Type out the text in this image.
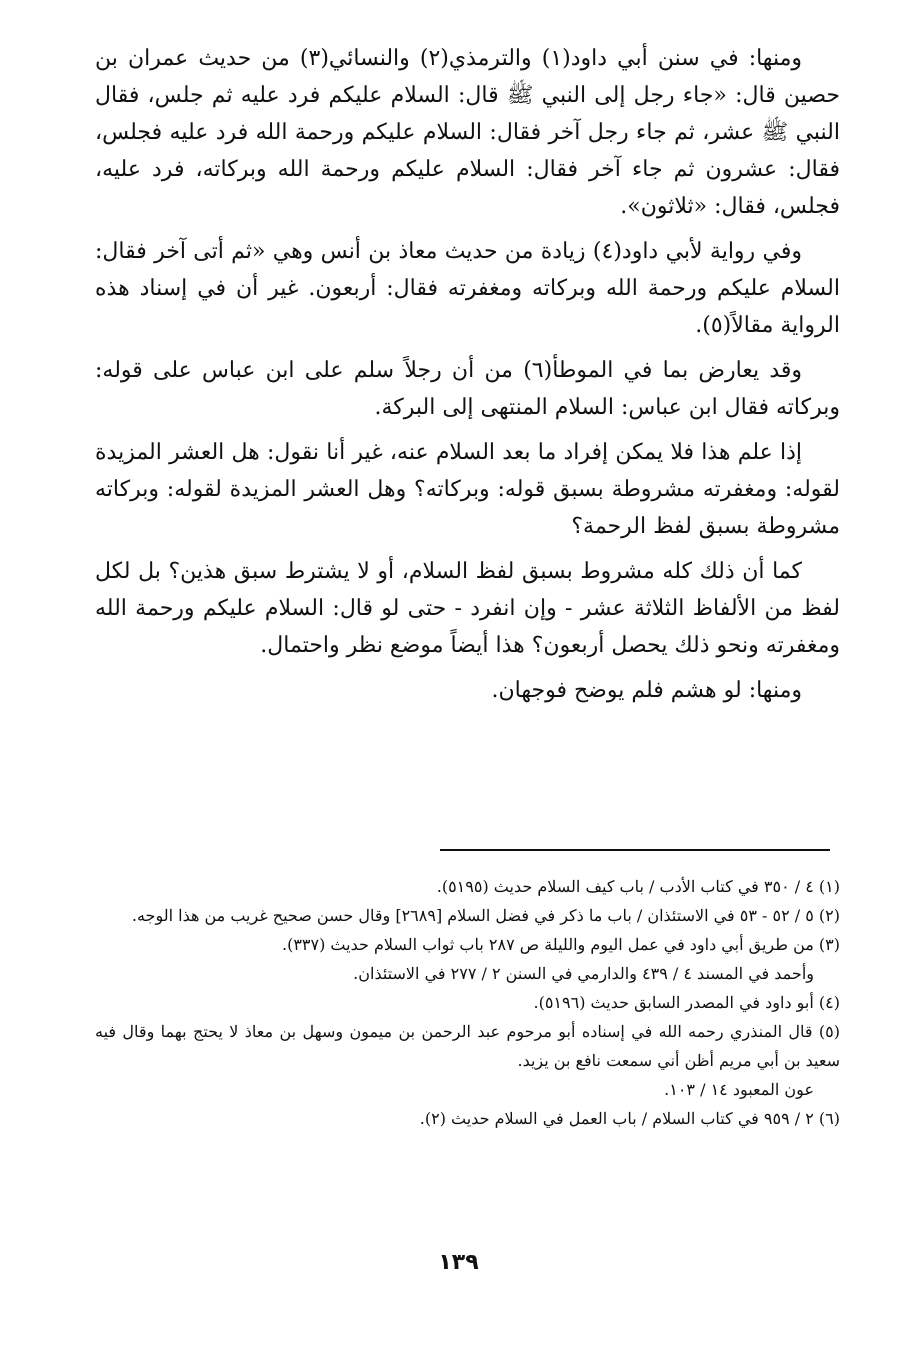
ومنها: في سنن أبي داود(١) والترمذي(٢) والنسائي(٣) من حديث عمران بن حصين قال: «جاء رجل إلى النبي ﷺ قال: السلام عليكم فرد عليه ثم جلس، فقال النبي ﷺ عشر، ثم جاء رجل آخر فقال: السلام عليكم ورحمة الله فرد عليه فجلس، فقال: عشرون ثم جاء آخر فقال: السلام عليكم ورحمة الله وبركاته، فرد عليه، فجلس، فقال: «ثلاثون».

وفي رواية لأبي داود(٤) زيادة من حديث معاذ بن أنس وهي «ثم أتى آخر فقال: السلام عليكم ورحمة الله وبركاته ومغفرته فقال: أربعون. غير أن في إسناد هذه الرواية مقالاً(٥).

وقد يعارض بما في الموطأ(٦) من أن رجلاً سلم على ابن عباس على قوله: وبركاته فقال ابن عباس: السلام المنتهى إلى البركة.

إذا علم هذا فلا يمكن إفراد ما بعد السلام عنه، غير أنا نقول: هل العشر المزيدة لقوله: ومغفرته مشروطة بسبق قوله: وبركاته؟ وهل العشر المزيدة لقوله: وبركاته مشروطة بسبق لفظ الرحمة؟

كما أن ذلك كله مشروط بسبق لفظ السلام، أو لا يشترط سبق هذين؟ بل لكل لفظ من الألفاظ الثلاثة عشر - وإن انفرد - حتى لو قال: السلام عليكم ورحمة الله ومغفرته ونحو ذلك يحصل أربعون؟ هذا أيضاً موضع نظر واحتمال.

ومنها: لو هشم فلم يوضح فوجهان.

(١) ٤ / ٣٥٠ في كتاب الأدب / باب كيف السلام حديث (٥١٩٥).

(٢) ٥ / ٥٢ - ٥٣ في الاستئذان / باب ما ذكر في فضل السلام [٢٦٨٩] وقال حسن صحيح غريب من هذا الوجه.

(٣) من طريق أبي داود في عمل اليوم والليلة ص ٢٨٧ باب ثواب السلام حديث (٣٣٧).

وأحمد في المسند ٤ / ٤٣٩ والدارمي في السنن ٢ / ٢٧٧ في الاستئذان.

(٤) أبو داود في المصدر السابق حديث (٥١٩٦).

(٥) قال المنذري رحمه الله في إسناده أبو مرحوم عبد الرحمن بن ميمون وسهل بن معاذ لا يحتج بهما وقال فيه سعيد بن أبي مريم أظن أني سمعت نافع بن يزيد.

عون المعبود ١٤ / ١٠٣.

(٦) ٢ / ٩٥٩ في كتاب السلام / باب العمل في السلام حديث (٢).

١٣٩
